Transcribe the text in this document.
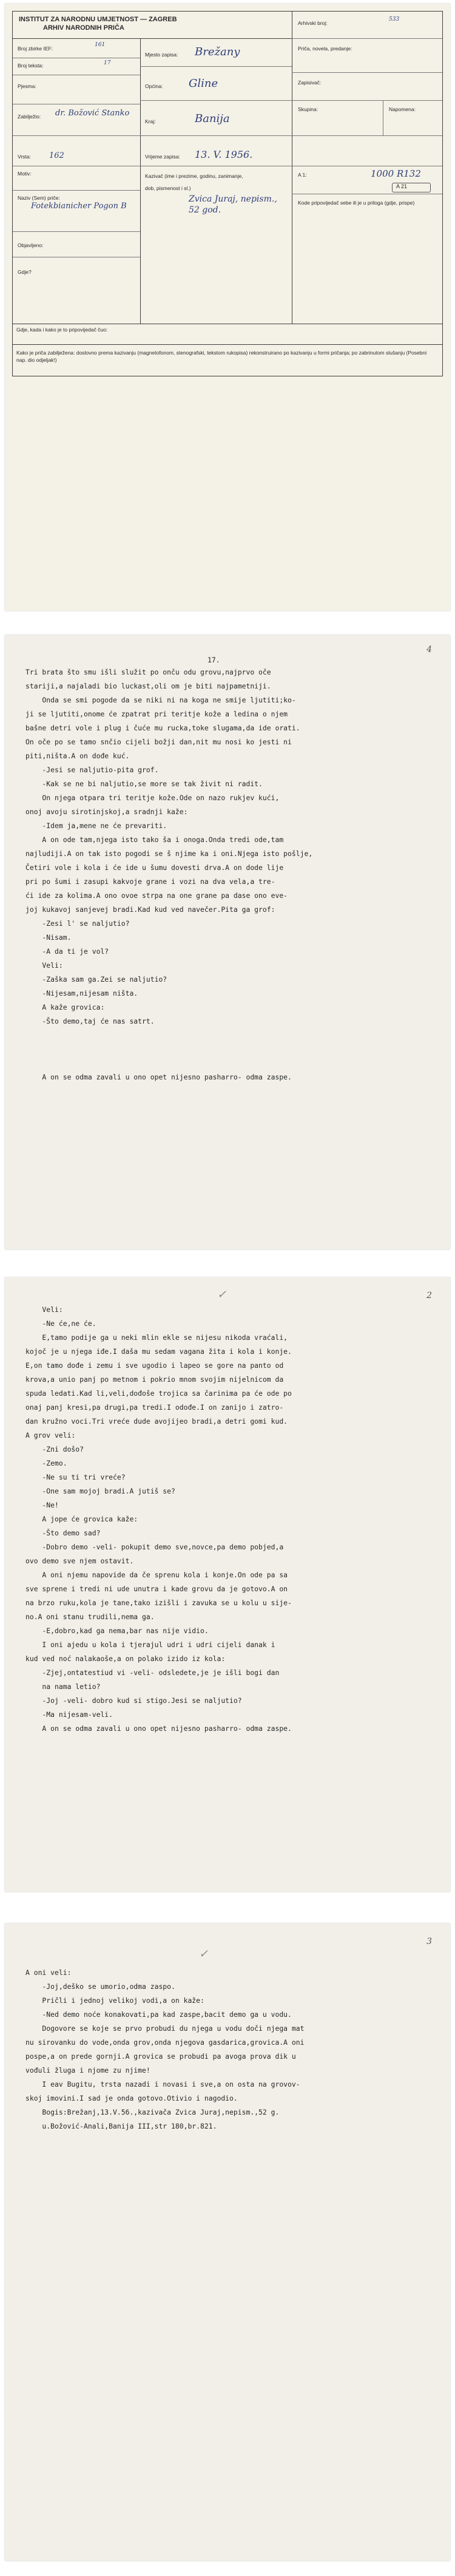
INSTITUT ZA NARODNU UMJETNOST — ZAGREB
ARHIV NARODNIH PRIČA
Arhivski broj:
533
Broj zbirke IEF:
161
Broj teksta:	17
Pjesma:
Zabilježio: dr. Božović Stanko
Vrsta: 162
Motiv:
Naziv (Sem) priče:
Fotekbianicher Pogon B
Objavljeno:
Gdje?
Mjesto zapisa: Brežany
Općina: Gline
Kraj:	Banija
Vrijeme zapisa: 13. V. 1956.
Kazivač (ime i prezime, godinu, zanimanje,
dob, pismenost i sl.)
Zvica Juraj, nepism., 52 god.
Priča, novela, predanje:
Zapisivač:
Skupina:	Napomena:
A 1:	1000 R132
A 21
Kode pripovijedač sebe ili je u priloga (gdje, prispe)
Gdje, kada i kako je to pripovijedač čuo:
Kako je priča zabilježena: doslovno prema kazivanju (magnetofonom, stenografski, tekstom rukopisa) rekonstruirano po kazivanju u formi pričanja; po zabrinutom slušanju (Posebni nap. dio odjeljak!)
4
17.
Tri brata što smu išli služit po onču odu grovu,najprvo oče
stariji,a najaladi bio luckast,oli om je biti najpametniji.
Onda se smi pogode da se niki ni na koga ne smije ljutiti;ko-
ji se ljutiti,onome će zpatrat pri teritje kože a ledina o njem
bašne detri vole i plug i čuće mu rucka,toke slugama,da ide orati.
On oče po se tamo snčio cijeli božji dan,nit mu nosi ko jesti ni
piti,ništa.A on dođe kuć.
-Jesi se naljutio-pita grof.
-Kak se ne bi naljutio,se more se tak živit ni radit.
On njega otpara tri teritje kože.Ode on nazo rukjev kući,
onoj avoju sirotinjskoj,a sradnji kaže:
-Idem ja,mene ne će prevariti.
A on ode tam,njega isto tako ša i onoga.Onda tredi ode,tam
najludiji.A on tak isto pogodi se š njime ka i oni.Njega isto pošlje,
Četiri vole i kola i će ide u šumu dovesti drva.A on dode lije
pri po šumi i zasupi kakvoje grane i vozi na dva vela,a tre-
ći ide za kolima.A ono ovoe strpa na one grane pa dase ono eve-
joj kukavoj sanjevej bradi.Kad kud ved navečer.Pita ga grof:
-Zesi l' se naljutio?
-Nisam.
-A da ti je vol?
Veli:
-Zaška sam ga.Zei se naljutio?
-Nijesam,nijesam ništa.
A kaže grovica:
-Što demo,taj će nas satrt.

A on se odma zavali u ono opet nijesno pasharro- odma zaspe.
2
✓
Veli:
-Ne će,ne će.
E,tamo podije ga u neki mlin ekle se nijesu nikoda vraćali,
kojoč je u njega iđe.I daša mu sedam vagana žita i kola i konje.
E,on tamo dođe i zemu i sve ugodio i lapeo se gore na panto od
krova,a unio panj po metnom i pokrio mnom svojim nijelnicom da
spuda ledati.Kad li,veli,dođoše trojica sa čarinima pa će ode po
onaj panj kresi,pa drugi,pa tredi.I odođe.I on zanijo i zatro-
dan kružno voci.Tri vreće dude avojijeo bradi,a detri gomi kud.
A grov veli:
-Zni došo?
-Zemo.
-Ne su ti tri vreće?
-One sam mojoj bradi.A jutiš se?
-Ne!
A jope će grovica kaže:
-Što demo sad?
-Dobro demo -veli- pokupit demo sve,novce,pa demo pobjed,a
ovo demo sve njem ostavit.
A oni njemu napovide da če sprenu kola i konje.On ode pa sa
sve sprene i tredi ni ude unutra i kade grovu da je gotovo.A on
na brzo ruku,kola je tane,tako izišli i zavuka se u kolu u sije-
no.A oni stanu trudili,nema ga.
-E,dobro,kad ga nema,bar nas nije vidio.
I oni ajedu u kola i tjerajul udri i udri cijeli danak i
kud ved noć nalakaoše,a on polako izido iz kola:
-Zjej,ontatestiud vi -veli- odsledete,je je išli bogi dan
na nama letio?
-Joj -veli- dobro kud si stigo.Jesi se naljutio?
-Ma nijesam-veli.
A on se odma zavali u ono opet nijesno pasharro- odma zaspe.
3
✓
A oni veli:
-Joj,deško se umorio,odma zaspo.
Pričli i jednoj velikoj vodi,a on kaže:
-Ned demo noće konakovati,pa kad zaspe,bacit demo ga u vodu.
Dogovore se koje se prvo probudi du njega u vodu doči njega mat
nu sirovanku do vode,onda grov,onda njegova gasdarica,grovica.A oni
pospe,a on prede gornji.A grovica se probudi pa avoga prova dik u
vođuli žluga i njome zu njime!
I eav Bugitu, trsta nazadi i novasi i sve,a on osta na grovov-
skoj imovini.I sad je onda gotovo.Otivio i nagodio.
Bogis:Brežanj,13.V.56.,kazivača Zvica Juraj,nepism.,52 g.
u.Božović-Anali,Banija III,str 180,br.821.
